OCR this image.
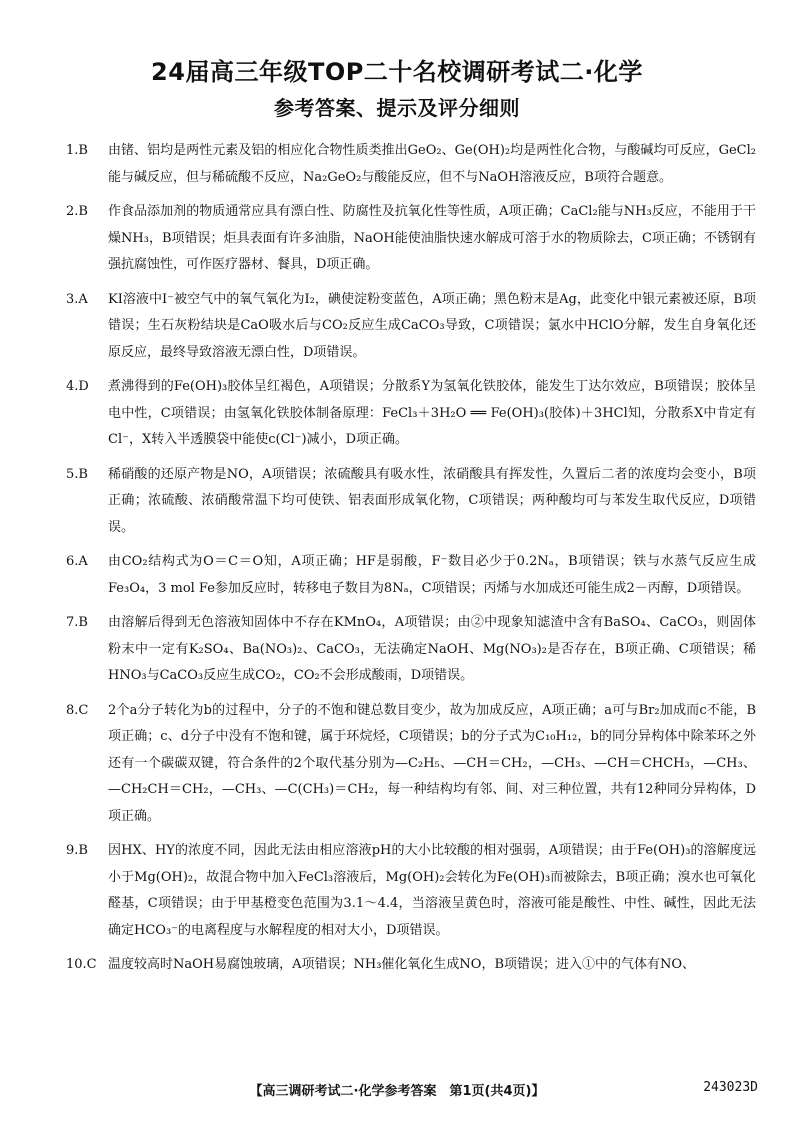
24届高三年级TOP二十名校调研考试二·化学
参考答案、提示及评分细则
1.B	由锗、铝均是两性元素及铝的相应化合物性质类推出GeO₂、Ge(OH)₂均是两性化合物，与酸碱均可反应，GeCl₂能与碱反应，但与稀硫酸不反应，Na₂GeO₂与酸能反应，但不与NaOH溶液反应，B项符合题意。
2.B	作食品添加剂的物质通常应具有漂白性、防腐性及抗氧化性等性质，A项正确；CaCl₂能与NH₃反应，不能用于干燥NH₃，B项错误；炬具表面有许多油脂，NaOH能使油脂快速水解成可溶于水的物质除去，C项正确；不锈钢有强抗腐蚀性，可作医疗器材、餐具，D项正确。
3.A	KI溶液中I⁻被空气中的氧气氧化为I₂，碘使淀粉变蓝色，A项正确；黑色粉末是Ag，此变化中银元素被还原，B项错误；生石灰粉结块是CaO吸水后与CO₂反应生成CaCO₃导致，C项错误；氯水中HClO分解，发生自身氧化还原反应，最终导致溶液无漂白性，D项错误。
4.D	煮沸得到的Fe(OH)₃胶体呈红褐色，A项错误；分散系Y为氢氧化铁胶体，能发生丁达尔效应，B项错误；胶体呈电中性，C项错误；由氢氧化铁胶体制备原理：FeCl₃＋3H₂O ══ Fe(OH)₃(胶体)＋3HCl知，分散系X中肯定有Cl⁻，X转入半透膜袋中能使c(Cl⁻)减小，D项正确。
5.B	稀硝酸的还原产物是NO，A项错误；浓硫酸具有吸水性，浓硝酸具有挥发性，久置后二者的浓度均会变小，B项正确；浓硫酸、浓硝酸常温下均可使铁、铝表面形成氧化物，C项错误；两种酸均可与苯发生取代反应，D项错误。
6.A	由CO₂结构式为O＝C＝O知，A项正确；HF是弱酸，F⁻数目必少于0.2Nₐ，B项错误；铁与水蒸气反应生成Fe₃O₄，3 mol Fe参加反应时，转移电子数目为8Nₐ，C项错误；丙烯与水加成还可能生成2－丙醇，D项错误。
7.B	由溶解后得到无色溶液知固体中不存在KMnO₄，A项错误；由②中现象知滤渣中含有BaSO₄、CaCO₃，则固体粉末中一定有K₂SO₄、Ba(NO₃)₂、CaCO₃，无法确定NaOH、Mg(NO₃)₂是否存在，B项正确、C项错误；稀HNO₃与CaCO₃反应生成CO₂，CO₂不会形成酸雨，D项错误。
8.C	2个a分子转化为b的过程中，分子的不饱和键总数目变少，故为加成反应，A项正确；a可与Br₂加成而c不能，B项正确；c、d分子中没有不饱和键，属于环烷烃，C项错误；b的分子式为C₁₀H₁₂，b的同分异构体中除苯环之外还有一个碳碳双键，符合条件的2个取代基分别为—C₂H₅、—CH＝CH₂，—CH₃、—CH＝CHCH₃，—CH₃、—CH₂CH＝CH₂，—CH₃、—C(CH₃)＝CH₂，每一种结构均有邻、间、对三种位置，共有12种同分异构体，D项正确。
9.B	因HX、HY的浓度不同，因此无法由相应溶液pH的大小比较酸的相对强弱，A项错误；由于Fe(OH)₃的溶解度远小于Mg(OH)₂，故混合物中加入FeCl₃溶液后，Mg(OH)₂会转化为Fe(OH)₃而被除去，B项正确；溴水也可氧化醛基，C项错误；由于甲基橙变色范围为3.1～4.4，当溶液呈黄色时，溶液可能是酸性、中性、碱性，因此无法确定HCO₃⁻的电离程度与水解程度的相对大小，D项错误。
10.C 温度较高时NaOH易腐蚀玻璃，A项错误；NH₃催化氧化生成NO，B项错误；进入①中的气体有NO、
【高三调研考试二·化学参考答案　第1页(共4页)】	243023D
